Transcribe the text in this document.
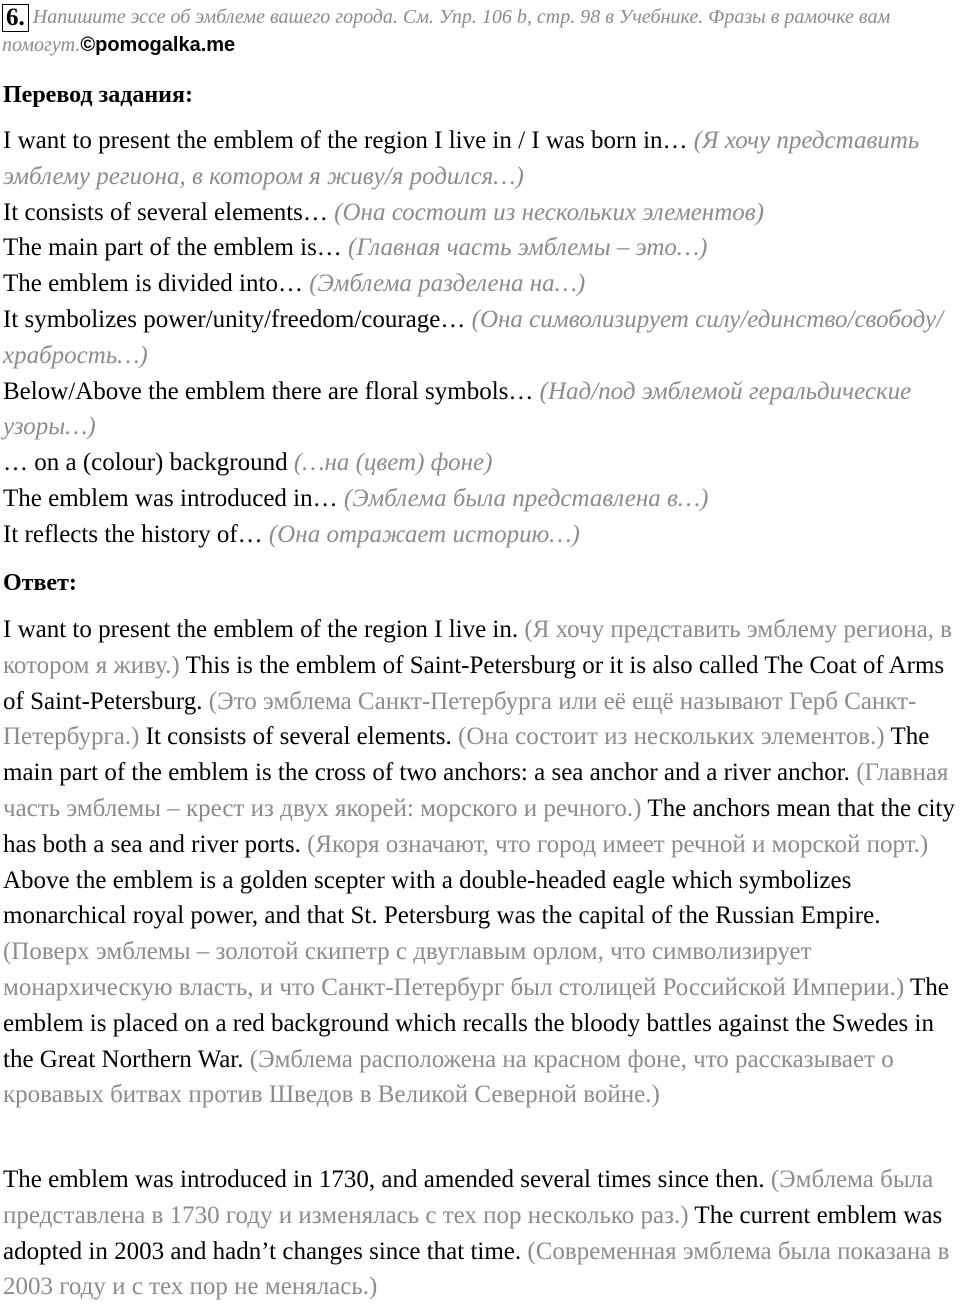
6. Напишите эссе об эмблеме вашего города. См. Упр. 106 b, стр. 98 в Учебнике. Фразы в рамочке вам помогут.©pomogalka.me
Перевод задания:
I want to present the emblem of the region I live in / I was born in… (Я хочу представить эмблему региона, в котором я живу/я родился…)
It consists of several elements… (Она состоит из нескольких элементов)
The main part of the emblem is… (Главная часть эмблемы – это…)
The emblem is divided into… (Эмблема разделена на…)
It symbolizes power/unity/freedom/courage… (Она символизирует силу/единство/свободу/храбрость…)
Below/Above the emblem there are floral symbols… (Над/под эмблемой геральдические узоры…)
… on a (colour) background (…на (цвет) фоне)
The emblem was introduced in… (Эмблема была представлена в…)
It reflects the history of… (Она отражает историю…)
Ответ:
I want to present the emblem of the region I live in. (Я хочу представить эмблему региона, в котором я живу.) This is the emblem of Saint-Petersburg or it is also called The Coat of Arms of Saint-Petersburg. (Это эмблема Санкт-Петербурга или её ещё называют Герб Санкт-Петербурга.) It consists of several elements. (Она состоит из нескольких элементов.) The main part of the emblem is the cross of two anchors: a sea anchor and a river anchor. (Главная часть эмблемы – крест из двух якорей: морского и речного.) The anchors mean that the city has both a sea and river ports. (Якоря означают, что город имеет речной и морской порт.) Above the emblem is a golden scepter with a double-headed eagle which symbolizes monarchical royal power, and that St. Petersburg was the capital of the Russian Empire. (Поверх эмблемы – золотой скипетр с двуглавым орлом, что символизирует монархическую власть, и что Санкт-Петербург был столицей Российской Империи.) The emblem is placed on a red background which recalls the bloody battles against the Swedes in the Great Northern War. (Эмблема расположена на красном фоне, что рассказывает о кровавых битвах против Шведов в Великой Северной войне.)
The emblem was introduced in 1730, and amended several times since then. (Эмблема была представлена в 1730 году и изменялась с тех пор несколько раз.) The current emblem was adopted in 2003 and hadn’t changes since that time. (Современная эмблема была показана в 2003 году и с тех пор не менялась.)
